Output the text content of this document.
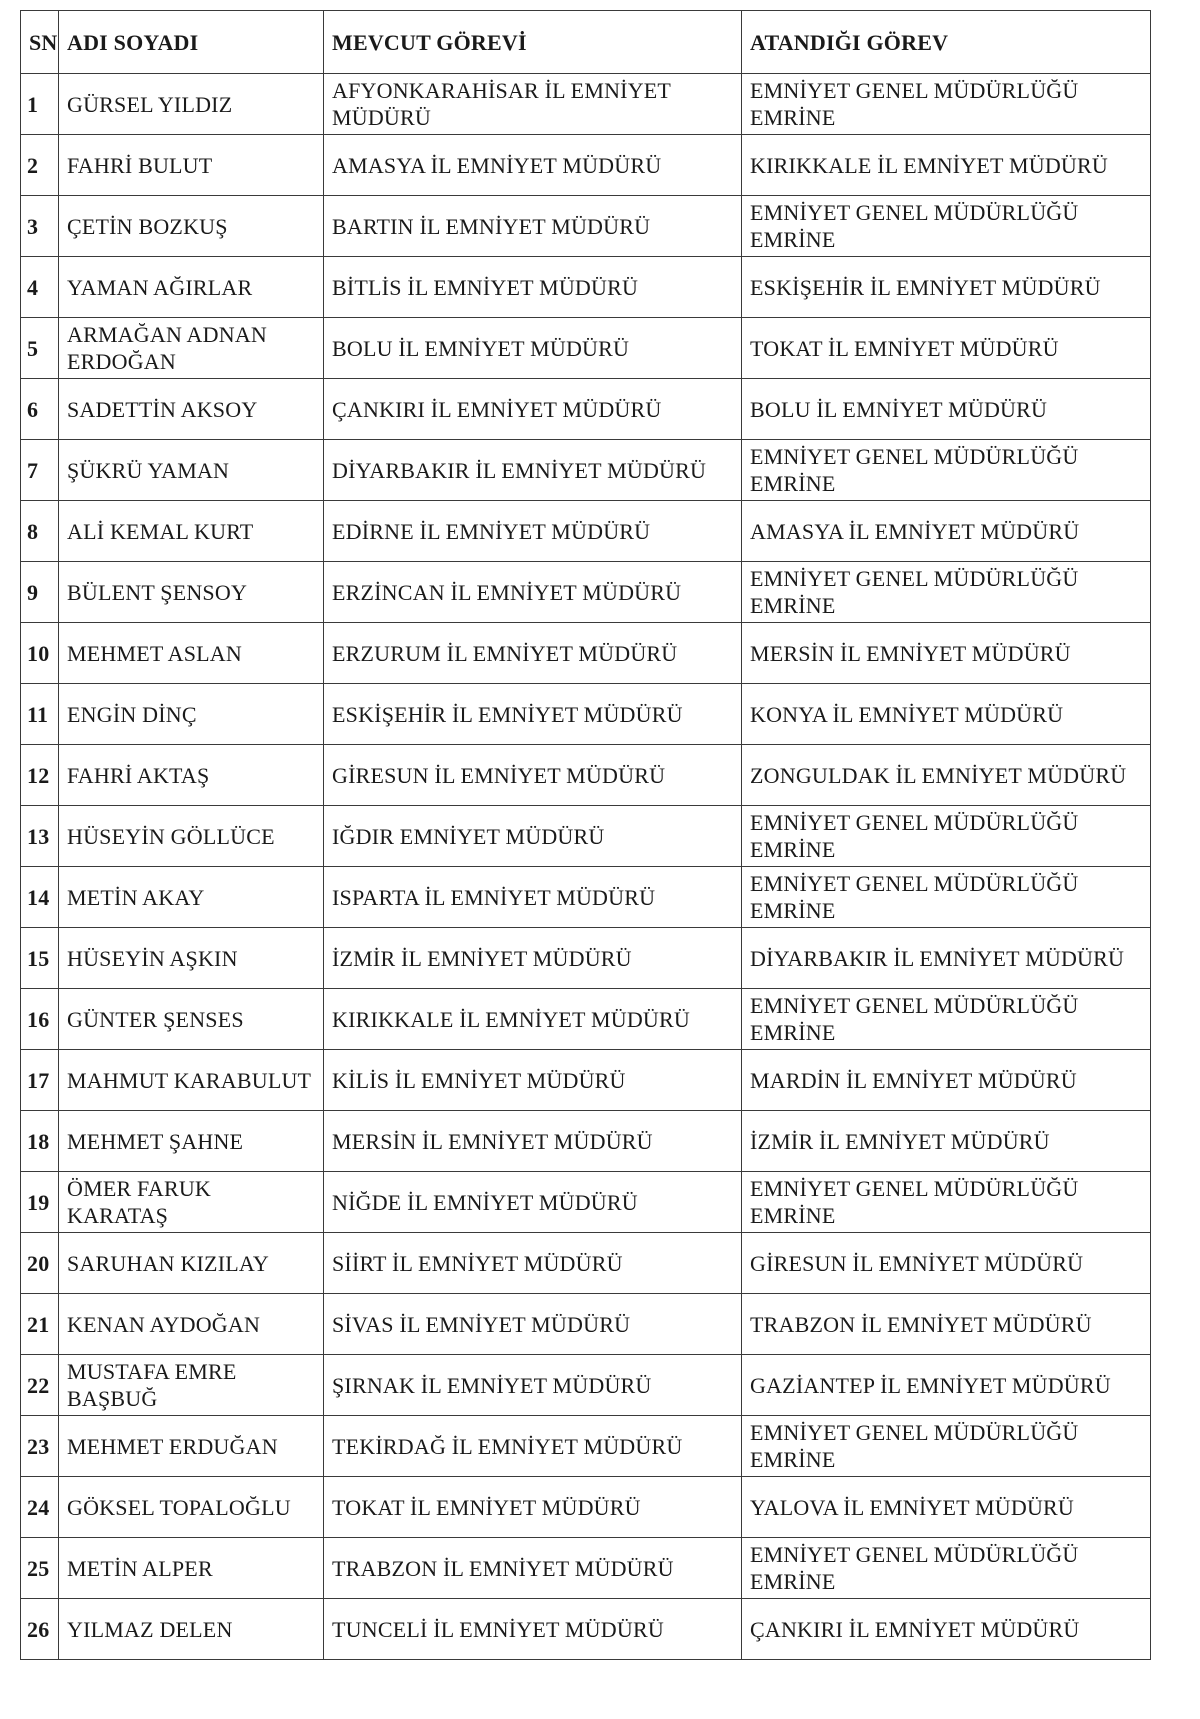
SN	ADI SOYADI	MEVCUT GÖREVİ	ATANDIĞI GÖREV
1	GÜRSEL YILDIZ	AFYONKARAHİSAR İL EMNİYET MÜDÜRÜ	EMNİYET GENEL MÜDÜRLÜĞÜ EMRİNE
2	FAHRİ BULUT	AMASYA İL EMNİYET MÜDÜRÜ	KIRIKKALE İL EMNİYET MÜDÜRÜ
3	ÇETİN BOZKUŞ	BARTIN İL EMNİYET MÜDÜRÜ	EMNİYET GENEL MÜDÜRLÜĞÜ EMRİNE
4	YAMAN AĞIRLAR	BİTLİS İL EMNİYET MÜDÜRÜ	ESKİŞEHİR İL EMNİYET MÜDÜRÜ
5	ARMAĞAN ADNAN ERDOĞAN	BOLU İL EMNİYET MÜDÜRÜ	TOKAT İL EMNİYET MÜDÜRÜ
6	SADETTİN AKSOY	ÇANKIRI İL EMNİYET MÜDÜRÜ	BOLU İL EMNİYET MÜDÜRÜ
7	ŞÜKRÜ YAMAN	DİYARBAKIR İL EMNİYET MÜDÜRÜ	EMNİYET GENEL MÜDÜRLÜĞÜ EMRİNE
8	ALİ KEMAL KURT	EDİRNE İL EMNİYET MÜDÜRÜ	AMASYA İL EMNİYET MÜDÜRÜ
9	BÜLENT ŞENSOY	ERZİNCAN İL EMNİYET MÜDÜRÜ	EMNİYET GENEL MÜDÜRLÜĞÜ EMRİNE
10	MEHMET ASLAN	ERZURUM İL EMNİYET MÜDÜRÜ	MERSİN İL EMNİYET MÜDÜRÜ
11	ENGİN DİNÇ	ESKİŞEHİR İL EMNİYET MÜDÜRÜ	KONYA İL EMNİYET MÜDÜRÜ
12	FAHRİ AKTAŞ	GİRESUN İL EMNİYET MÜDÜRÜ	ZONGULDAK İL EMNİYET MÜDÜRÜ
13	HÜSEYİN GÖLLÜCE	IĞDIR EMNİYET MÜDÜRÜ	EMNİYET GENEL MÜDÜRLÜĞÜ EMRİNE
14	METİN AKAY	ISPARTA İL EMNİYET MÜDÜRÜ	EMNİYET GENEL MÜDÜRLÜĞÜ EMRİNE
15	HÜSEYİN AŞKIN	İZMİR İL EMNİYET MÜDÜRÜ	DİYARBAKIR İL EMNİYET MÜDÜRÜ
16	GÜNTER ŞENSES	KIRIKKALE İL EMNİYET MÜDÜRÜ	EMNİYET GENEL MÜDÜRLÜĞÜ EMRİNE
17	MAHMUT KARABULUT	KİLİS İL EMNİYET MÜDÜRÜ	MARDİN İL EMNİYET MÜDÜRÜ
18	MEHMET ŞAHNE	MERSİN İL EMNİYET MÜDÜRÜ	İZMİR İL EMNİYET MÜDÜRÜ
19	ÖMER FARUK KARATAŞ	NİĞDE İL EMNİYET MÜDÜRÜ	EMNİYET GENEL MÜDÜRLÜĞÜ EMRİNE
20	SARUHAN KIZILAY	SİİRT İL EMNİYET MÜDÜRÜ	GİRESUN İL EMNİYET MÜDÜRÜ
21	KENAN AYDOĞAN	SİVAS İL EMNİYET MÜDÜRÜ	TRABZON İL EMNİYET MÜDÜRÜ
22	MUSTAFA EMRE BAŞBUĞ	ŞIRNAK İL EMNİYET MÜDÜRÜ	GAZİANTEP İL EMNİYET MÜDÜRÜ
23	MEHMET ERDUĞAN	TEKİRDAĞ İL EMNİYET MÜDÜRÜ	EMNİYET GENEL MÜDÜRLÜĞÜ EMRİNE
24	GÖKSEL TOPALOĞLU	TOKAT İL EMNİYET MÜDÜRÜ	YALOVA İL EMNİYET MÜDÜRÜ
25	METİN ALPER	TRABZON İL EMNİYET MÜDÜRÜ	EMNİYET GENEL MÜDÜRLÜĞÜ EMRİNE
26	YILMAZ DELEN	TUNCELİ İL EMNİYET MÜDÜRÜ	ÇANKIRI İL EMNİYET MÜDÜRÜ
